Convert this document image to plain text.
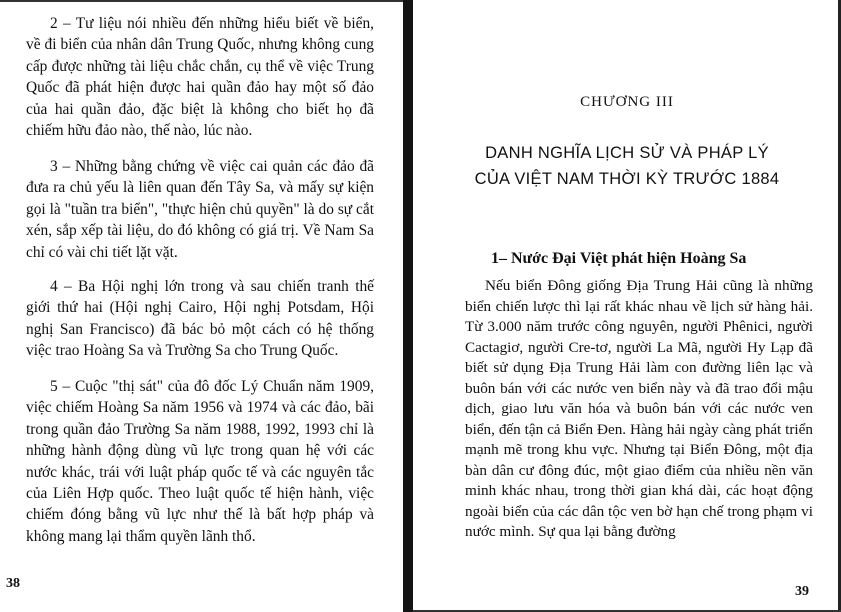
2 – Tư liệu nói nhiều đến những hiểu biết về biển, về đi biển của nhân dân Trung Quốc, nhưng không cung cấp được những tài liệu chắc chắn, cụ thể về việc Trung Quốc đã phát hiện được hai quần đảo hay một số đảo của hai quần đảo, đặc biệt là không cho biết họ đã chiếm hữu đảo nào, thế nào, lúc nào.

3 – Những bằng chứng về việc cai quản các đảo đã đưa ra chủ yếu là liên quan đến Tây Sa, và mấy sự kiện gọi là "tuần tra biển", "thực hiện chủ quyền" là do sự cắt xén, sắp xếp tài liệu, do đó không có giá trị. Về Nam Sa chỉ có vài chi tiết lặt vặt.

4 – Ba Hội nghị lớn trong và sau chiến tranh thế giới thứ hai (Hội nghị Cairo, Hội nghị Potsdam, Hội nghị San Francisco) đã bác bỏ một cách có hệ thống việc trao Hoàng Sa và Trường Sa cho Trung Quốc.

5 – Cuộc "thị sát" của đô đốc Lý Chuẩn năm 1909, việc chiếm Hoàng Sa năm 1956 và 1974 và các đảo, bãi trong quần đảo Trường Sa năm 1988, 1992, 1993 chỉ là những hành động dùng vũ lực trong quan hệ với các nước khác, trái với luật pháp quốc tế và các nguyên tắc của Liên Hợp quốc. Theo luật quốc tế hiện hành, việc chiếm đóng bằng vũ lực như thế là bất hợp pháp và không mang lại thẩm quyền lãnh thổ.

38
CHƯƠNG III
DANH NGHĨA LỊCH SỬ VÀ PHÁP LÝ
CỦA VIỆT NAM THỜI KỲ TRƯỚC 1884
1– Nước Đại Việt phát hiện Hoàng Sa

Nếu biển Đông giống Địa Trung Hải cũng là những biển chiến lược thì lại rất khác nhau về lịch sử hàng hải. Từ 3.000 năm trước công nguyên, người Phênici, người Cactagiơ, người Cre-tơ, người La Mã, người Hy Lạp đã biết sử dụng Địa Trung Hải làm con đường liên lạc và buôn bán với các nước ven biển này và đã trao đổi mậu dịch, giao lưu văn hóa và buôn bán với các nước ven biển, đến tận cả Biển Đen. Hàng hải ngày càng phát triển mạnh mẽ trong khu vực. Nhưng tại Biển Đông, một địa bàn dân cư đông đúc, một giao điểm của nhiều nền văn minh khác nhau, trong thời gian khá dài, các hoạt động ngoài biển của các dân tộc ven bờ hạn chế trong phạm vi nước mình. Sự qua lại bằng đường

39
